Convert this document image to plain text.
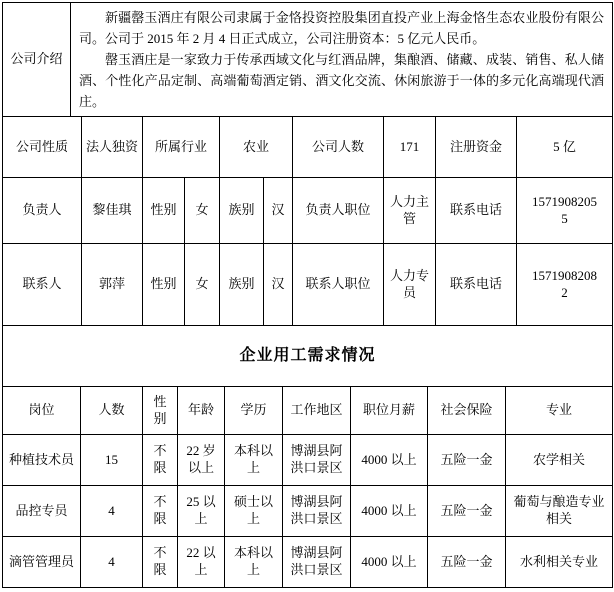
公司介绍	新疆罄玉酒庄有限公司隶属于金恪投资控股集团直投产业上海金恪生态农业股份有限公司。公司于 2015 年 2 月 4 日正式成立，公司注册资本：5 亿元人民币。

罄玉酒庄是一家致力于传承西域文化与红酒品牌，集酿酒、储藏、成装、销售、私人储酒、个性化产品定制、高端葡萄酒定销、酒文化交流、休闲旅游于一体的多元化高端现代酒庄。									

公司性质		法人独资	所属行业		农业		公司人数	171	注册资金	5 亿
负责人		黎佳琪	性别	女	族别	汉	负责人职位	人力主管	联系电话	15719082055
联系人		郭萍	性别	女	族别	汉	联系人职位	人力专员	联系电话	15719082082
企业用工需求情况								
岗位	人数	性别	年龄	学历	工作地区	职位月薪	社会保险	专业
种植技术员	15	不限	22 岁以上	本科以上	博湖县阿洪口景区	4000 以上	五险一金	农学相关
品控专员	4	不限	25 以上	硕士以上	博湖县阿洪口景区	4000 以上	五险一金	葡萄与酿造专业相关
滴管管理员	4	不限	22 以上	本科以上	博湖县阿洪口景区	4000 以上	五险一金	水利相关专业
